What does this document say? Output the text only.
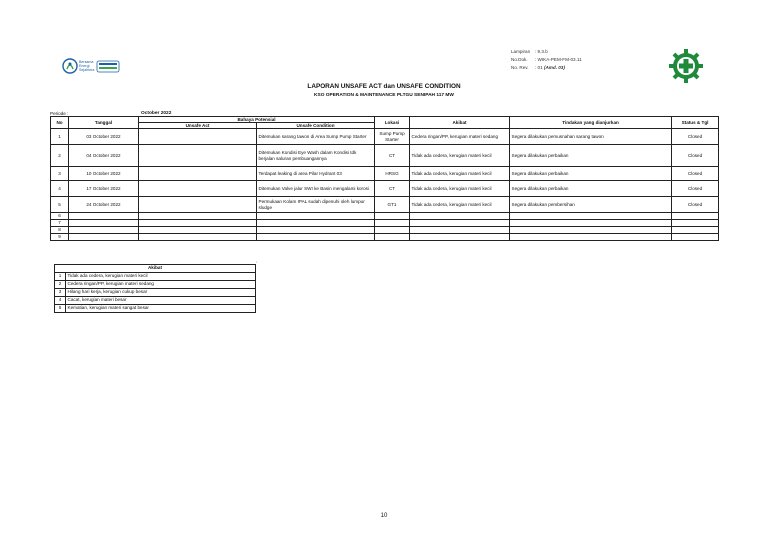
Bersama
Energi
Sejahtera
Lampiran : 9.3.b
No.Dok. : WIKA-PEM-FM-03.11
No. Rev. : 01 (Amd. 03)
LAPORAN UNSAFE ACT dan UNSAFE CONDITION
KSO OPERATION & MAINTENANCE PLTGU SENIPAH 117 MW
Periode :	October 2022
No	Tanggal	Bahaya Potensial		Lokasi	Akibat	Tindakan yang dianjurkan	Status & Tgl
		Unsafe Act	Unsafe Condition				
1	03 October 2022		Ditemukan sarang tawon di Area Sump Pump Starter	Sump Pump Starter	Cedera ringan/PP, kerugian materi sedang	Segera dilakukan pemusnahan sarang tawon	Closed
2	04 October 2022		Ditemukan Kondisi Eye Wash dalam Kondisi tdk berjalan saluran pembuangannya	CT	Tidak ada cedera, kerugian materi kecil	Segera dilakukan perbaikan	Closed
3	10 October 2022		Terdapat leaking di area Pilar Hydrant 03	HRSG	Tidak ada cedera, kerugian materi kecil	Segera dilakukan perbaikan	Closed
4	17 October 2022		Ditemukan Valve jalur SWI ke Basin mengalami korosi	CT	Tidak ada cedera, kerugian materi kecil	Segera dilakukan perbaikan	Closed
5	24 October 2022		Permukaan Kolam IPAL sudah dipenuhi oleh lumpur sludge	GT1	Tidak ada cedera, kerugian materi kecil	Segera dilakukan pembersihan	Closed
6							
7							
8							
9							
:
Akibat	
1	Tidak ada cedera, kerugian materi kecil
2	Cedera ringan/PP, kerugian materi sedang
3	Hilang hari kerja, kerugian cukup besar
4	Cacat, kerugian materi besar
5	Kematian, kerugian materi sangat besar
10
